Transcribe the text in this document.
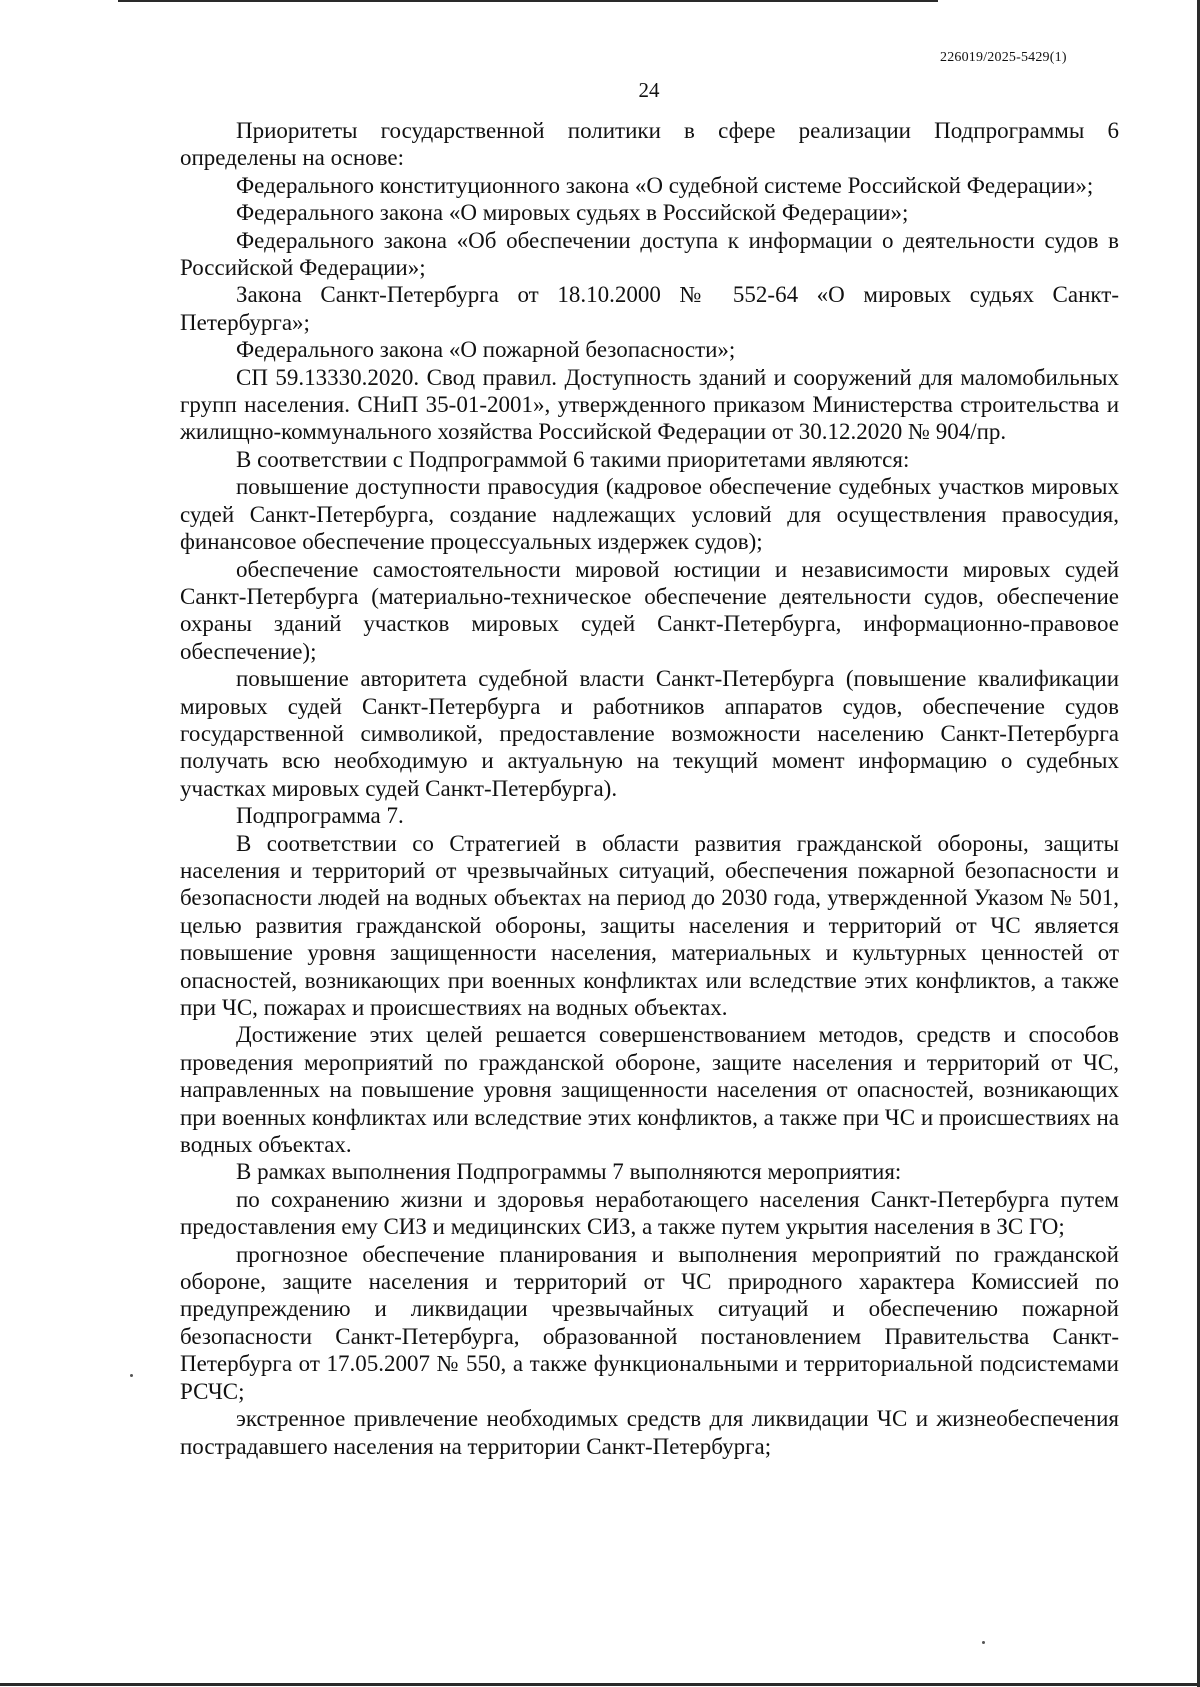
226019/2025-5429(1)
24

Приоритеты государственной политики в сфере реализации Подпрограммы 6 определены на основе:

Федерального конституционного закона «О судебной системе Российской Федерации»;

Федерального закона «О мировых судьях в Российской Федерации»;

Федерального закона «Об обеспечении доступа к информации о деятельности судов в Российской Федерации»;

Закона Санкт-Петербурга от 18.10.2000 № 552-64 «О мировых судьях Санкт-Петербурга»;

Федерального закона «О пожарной безопасности»;

СП 59.13330.2020. Свод правил. Доступность зданий и сооружений для маломобильных групп населения. СНиП 35-01-2001», утвержденного приказом Министерства строительства и жилищно-коммунального хозяйства Российской Федерации от 30.12.2020 № 904/пр.

В соответствии с Подпрограммой 6 такими приоритетами являются:

повышение доступности правосудия (кадровое обеспечение судебных участков мировых судей Санкт-Петербурга, создание надлежащих условий для осуществления правосудия, финансовое обеспечение процессуальных издержек судов);

обеспечение самостоятельности мировой юстиции и независимости мировых судей Санкт-Петербурга (материально-техническое обеспечение деятельности судов, обеспечение охраны зданий участков мировых судей Санкт-Петербурга, информационно-правовое обеспечение);

повышение авторитета судебной власти Санкт-Петербурга (повышение квалификации мировых судей Санкт-Петербурга и работников аппаратов судов, обеспечение судов государственной символикой, предоставление возможности населению Санкт-Петербурга получать всю необходимую и актуальную на текущий момент информацию о судебных участках мировых судей Санкт-Петербурга).

Подпрограмма 7.

В соответствии со Стратегией в области развития гражданской обороны, защиты населения и территорий от чрезвычайных ситуаций, обеспечения пожарной безопасности и безопасности людей на водных объектах на период до 2030 года, утвержденной Указом № 501, целью развития гражданской обороны, защиты населения и территорий от ЧС является повышение уровня защищенности населения, материальных и культурных ценностей от опасностей, возникающих при военных конфликтах или вследствие этих конфликтов, а также при ЧС, пожарах и происшествиях на водных объектах.

Достижение этих целей решается совершенствованием методов, средств и способов проведения мероприятий по гражданской обороне, защите населения и территорий от ЧС, направленных на повышение уровня защищенности населения от опасностей, возникающих при военных конфликтах или вследствие этих конфликтов, а также при ЧС и происшествиях на водных объектах.

В рамках выполнения Подпрограммы 7 выполняются мероприятия:

по сохранению жизни и здоровья неработающего населения Санкт-Петербурга путем предоставления ему СИЗ и медицинских СИЗ, а также путем укрытия населения в ЗС ГО;

прогнозное обеспечение планирования и выполнения мероприятий по гражданской обороне, защите населения и территорий от ЧС природного характера Комиссией по предупреждению и ликвидации чрезвычайных ситуаций и обеспечению пожарной безопасности Санкт-Петербурга, образованной постановлением Правительства Санкт-Петербурга от 17.05.2007 № 550, а также функциональными и территориальной подсистемами РСЧС;

экстренное привлечение необходимых средств для ликвидации ЧС и жизнеобеспечения пострадавшего населения на территории Санкт-Петербурга;
